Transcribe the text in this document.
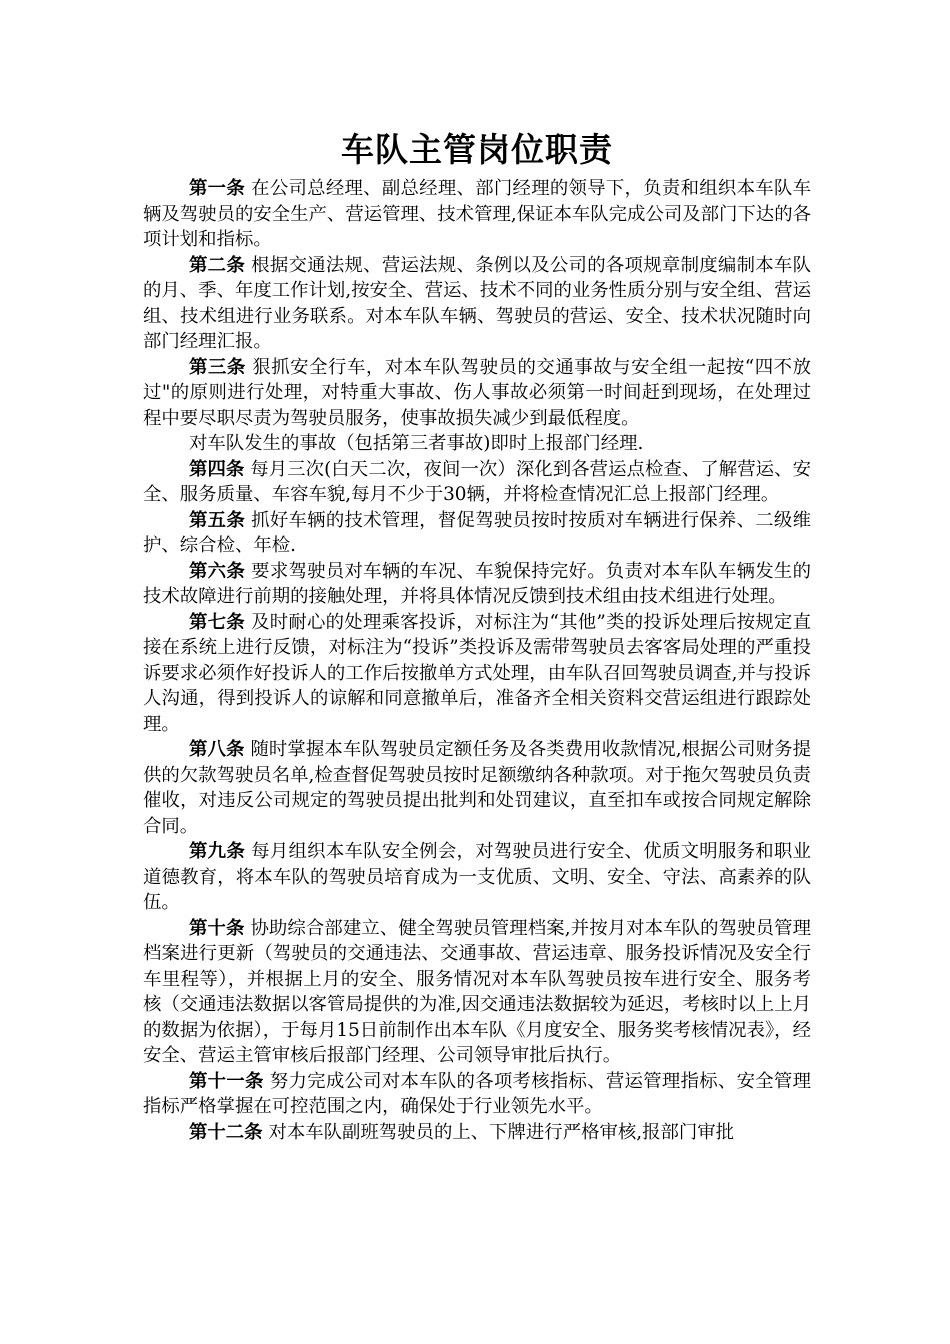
车队主管岗位职责

第一条 在公司总经理、副总经理、部门经理的领导下，负责和组织本车队车辆及驾驶员的安全生产、营运管理、技术管理,保证本车队完成公司及部门下达的各项计划和指标。

第二条 根据交通法规、营运法规、条例以及公司的各项规章制度编制本车队的月、季、年度工作计划,按安全、营运、技术不同的业务性质分别与安全组、营运组、技术组进行业务联系。对本车队车辆、驾驶员的营运、安全、技术状况随时向部门经理汇报。

第三条 狠抓安全行车，对本车队驾驶员的交通事故与安全组一起按“四不放过"的原则进行处理，对特重大事故、伤人事故必须第一时间赶到现场，在处理过程中要尽职尽责为驾驶员服务，使事故损失减少到最低程度。

对车队发生的事故（包括第三者事故)即时上报部门经理.

第四条 每月三次(白天二次，夜间一次）深化到各营运点检查、了解营运、安全、服务质量、车容车貌,每月不少于30辆，并将检查情况汇总上报部门经理。

第五条 抓好车辆的技术管理，督促驾驶员按时按质对车辆进行保养、二级维护、综合检、年检.

第六条 要求驾驶员对车辆的车况、车貌保持完好。负责对本车队车辆发生的技术故障进行前期的接触处理，并将具体情况反馈到技术组由技术组进行处理。

第七条 及时耐心的处理乘客投诉，对标注为“其他”类的投诉处理后按规定直接在系统上进行反馈，对标注为“投诉”类投诉及需带驾驶员去客客局处理的严重投诉要求必须作好投诉人的工作后按撤单方式处理，由车队召回驾驶员调查,并与投诉人沟通，得到投诉人的谅解和同意撤单后，准备齐全相关资料交营运组进行跟踪处理。

第八条 随时掌握本车队驾驶员定额任务及各类费用收款情况,根据公司财务提供的欠款驾驶员名单,检查督促驾驶员按时足额缴纳各种款项。对于拖欠驾驶员负责催收，对违反公司规定的驾驶员提出批判和处罚建议，直至扣车或按合同规定解除合同。

第九条 每月组织本车队安全例会，对驾驶员进行安全、优质文明服务和职业道德教育，将本车队的驾驶员培育成为一支优质、文明、安全、守法、高素养的队伍。

第十条 协助综合部建立、健全驾驶员管理档案,并按月对本车队的驾驶员管理档案进行更新（驾驶员的交通违法、交通事故、营运违章、服务投诉情况及安全行车里程等），并根据上月的安全、服务情况对本车队驾驶员按车进行安全、服务考核（交通违法数据以客管局提供的为准,因交通违法数据较为延迟，考核时以上上月的数据为依据），于每月15日前制作出本车队《月度安全、服务奖考核情况表》，经安全、营运主管审核后报部门经理、公司领导审批后执行。

第十一条 努力完成公司对本车队的各项考核指标、营运管理指标、安全管理指标严格掌握在可控范围之内，确保处于行业领先水平。

第十二条 对本车队副班驾驶员的上、下牌进行严格审核,报部门审批
